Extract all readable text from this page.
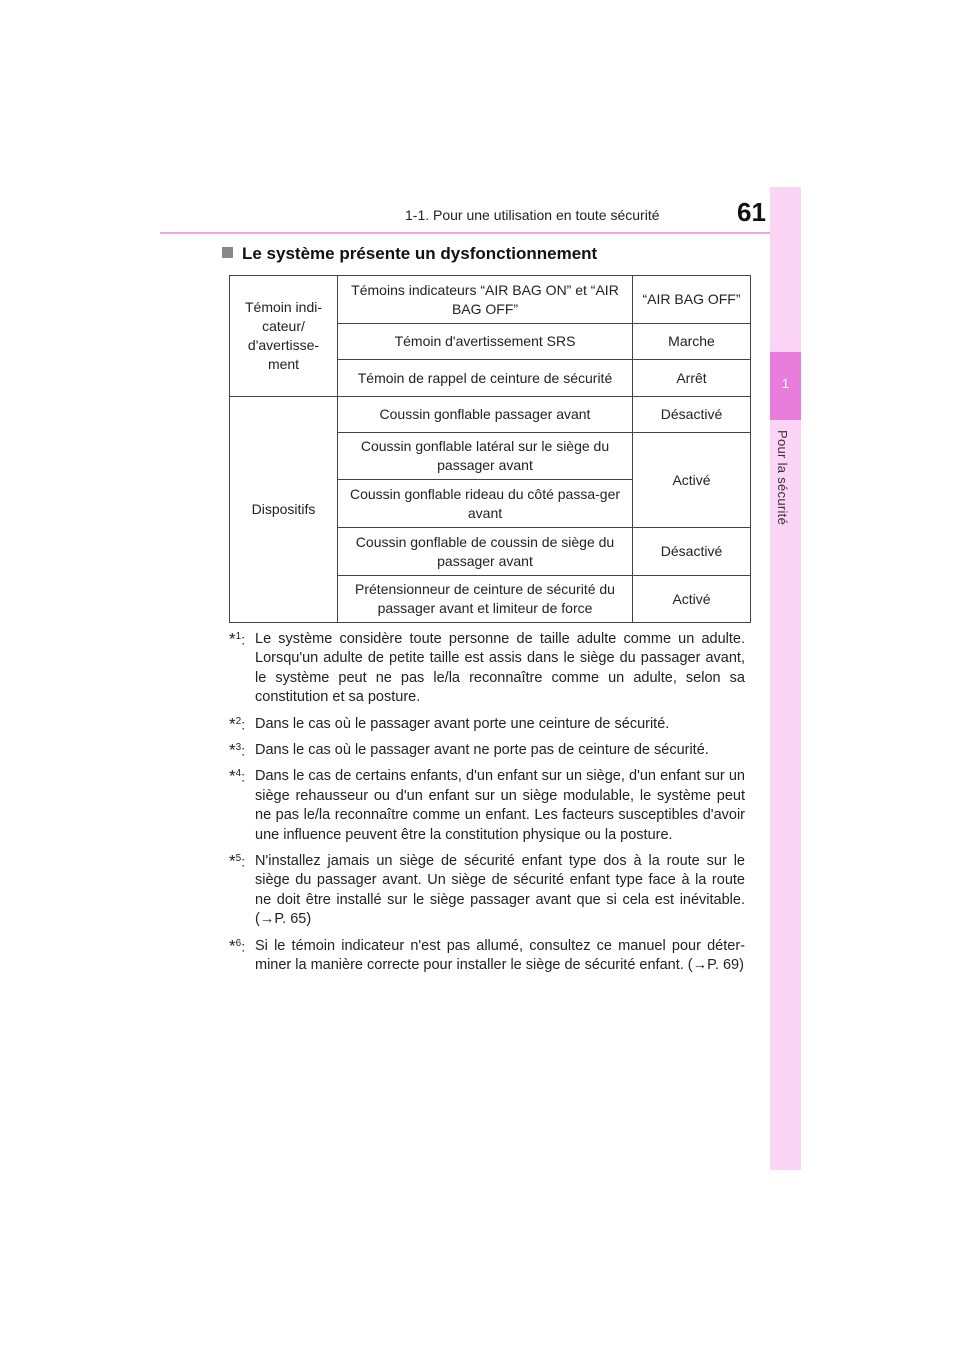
1-1. Pour une utilisation en toute sécurité	61
1
Pour la sécurité
Le système présente un dysfonctionnement
Témoin indi-cateur/ d'avertisse-ment	Témoins indicateurs “AIR BAG ON” et “AIR BAG OFF”	“AIR BAG OFF”
	Témoin d'avertissement SRS	Marche
	Témoin de rappel de ceinture de sécurité	Arrêt
Dispositifs	Coussin gonflable passager avant	Désactivé
	Coussin gonflable latéral sur le siège du passager avant	Activé
	Coussin gonflable rideau du côté passa-ger avant	
	Coussin gonflable de coussin de siège du passager avant	Désactivé
	Prétensionneur de ceinture de sécurité du passager avant et limiteur de force	Activé
*$^1$: Le système considère toute personne de taille adulte comme un adulte. Lorsqu'un adulte de petite taille est assis dans le siège du passager avant, le système peut ne pas le/la reconnaître comme un adulte, selon sa constitution et sa posture.
*$^2$: Dans le cas où le passager avant porte une ceinture de sécurité.
*$^3$: Dans le cas où le passager avant ne porte pas de ceinture de sécurité.
*$^4$: Dans le cas de certains enfants, d'un enfant sur un siège, d'un enfant sur un siège rehausseur ou d'un enfant sur un siège modulable, le système peut ne pas le/la reconnaître comme un enfant. Les facteurs susceptibles d'avoir une influence peuvent être la constitution physique ou la posture.
*$^5$: N'installez jamais un siège de sécurité enfant type dos à la route sur le siège du passager avant. Un siège de sécurité enfant type face à la route ne doit être installé sur le siège passager avant que si cela est inévitable. (→P. 65)
*$^6$: Si le témoin indicateur n'est pas allumé, consultez ce manuel pour déter-miner la manière correcte pour installer le siège de sécurité enfant. (→P. 69)
